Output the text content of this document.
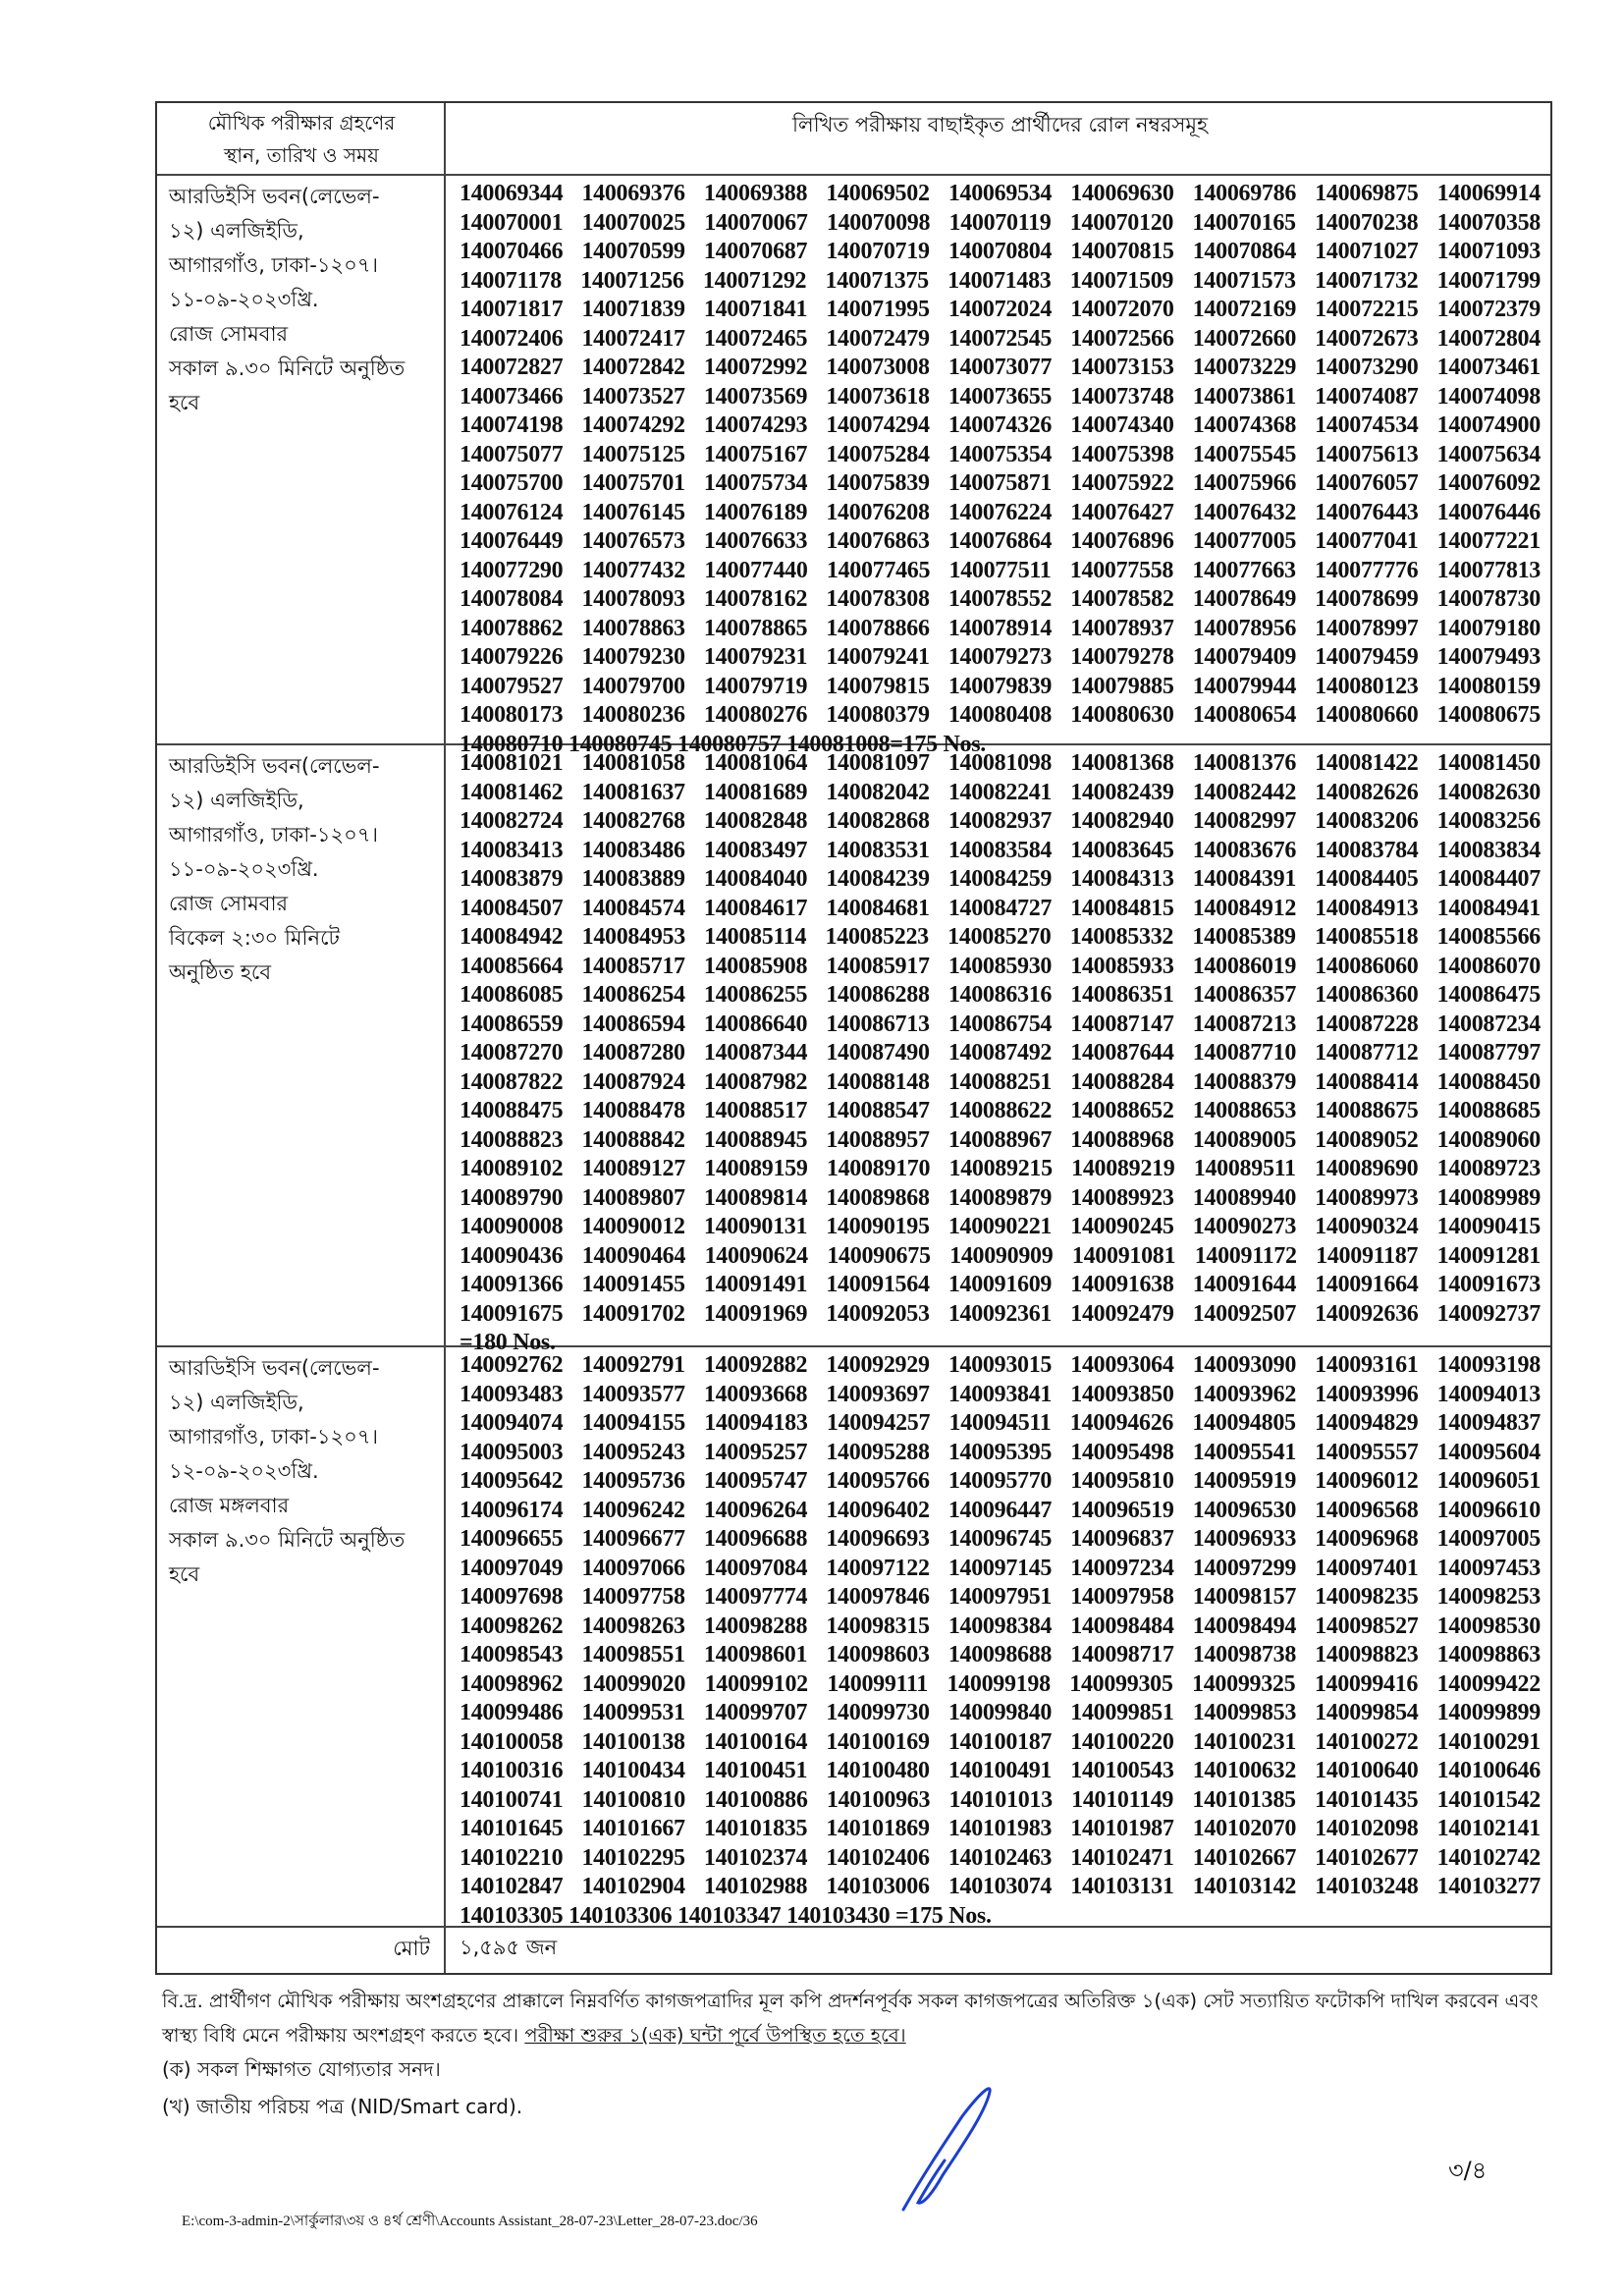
মৌখিক পরীক্ষার গ্রহণের
স্থান, তারিখ ও সময়
লিখিত পরীক্ষায় বাছাইকৃত প্রার্থীদের রোল নম্বরসমূহ
আরডিইসি ভবন(লেভেল-
১২) এলজিইডি,
আগারগাঁও, ঢাকা-১২০৭।
১১-০৯-২০২৩খ্রি.
রোজ সোমবার
সকাল ৯.৩০ মিনিটে অনুষ্ঠিত
হবে
140069344 140069376 140069388 140069502 140069534 140069630 140069786 140069875 140069914
140070001 140070025 140070067 140070098 140070119 140070120 140070165 140070238 140070358
140070466 140070599 140070687 140070719 140070804 140070815 140070864 140071027 140071093
140071178 140071256 140071292 140071375 140071483 140071509 140071573 140071732 140071799
140071817 140071839 140071841 140071995 140072024 140072070 140072169 140072215 140072379
140072406 140072417 140072465 140072479 140072545 140072566 140072660 140072673 140072804
140072827 140072842 140072992 140073008 140073077 140073153 140073229 140073290 140073461
140073466 140073527 140073569 140073618 140073655 140073748 140073861 140074087 140074098
140074198 140074292 140074293 140074294 140074326 140074340 140074368 140074534 140074900
140075077 140075125 140075167 140075284 140075354 140075398 140075545 140075613 140075634
140075700 140075701 140075734 140075839 140075871 140075922 140075966 140076057 140076092
140076124 140076145 140076189 140076208 140076224 140076427 140076432 140076443 140076446
140076449 140076573 140076633 140076863 140076864 140076896 140077005 140077041 140077221
140077290 140077432 140077440 140077465 140077511 140077558 140077663 140077776 140077813
140078084 140078093 140078162 140078308 140078552 140078582 140078649 140078699 140078730
140078862 140078863 140078865 140078866 140078914 140078937 140078956 140078997 140079180
140079226 140079230 140079231 140079241 140079273 140079278 140079409 140079459 140079493
140079527 140079700 140079719 140079815 140079839 140079885 140079944 140080123 140080159
140080173 140080236 140080276 140080379 140080408 140080630 140080654 140080660 140080675
140080710 140080745 140080757 140081008=175 Nos.
আরডিইসি ভবন(লেভেল-
১২) এলজিইডি,
আগারগাঁও, ঢাকা-১২০৭।
১১-০৯-২০২৩খ্রি.
রোজ সোমবার
বিকেল ২:৩০ মিনিটে
অনুষ্ঠিত হবে
140081021 140081058 140081064 140081097 140081098 140081368 140081376 140081422 140081450
140081462 140081637 140081689 140082042 140082241 140082439 140082442 140082626 140082630
140082724 140082768 140082848 140082868 140082937 140082940 140082997 140083206 140083256
140083413 140083486 140083497 140083531 140083584 140083645 140083676 140083784 140083834
140083879 140083889 140084040 140084239 140084259 140084313 140084391 140084405 140084407
140084507 140084574 140084617 140084681 140084727 140084815 140084912 140084913 140084941
140084942 140084953 140085114 140085223 140085270 140085332 140085389 140085518 140085566
140085664 140085717 140085908 140085917 140085930 140085933 140086019 140086060 140086070
140086085 140086254 140086255 140086288 140086316 140086351 140086357 140086360 140086475
140086559 140086594 140086640 140086713 140086754 140087147 140087213 140087228 140087234
140087270 140087280 140087344 140087490 140087492 140087644 140087710 140087712 140087797
140087822 140087924 140087982 140088148 140088251 140088284 140088379 140088414 140088450
140088475 140088478 140088517 140088547 140088622 140088652 140088653 140088675 140088685
140088823 140088842 140088945 140088957 140088967 140088968 140089005 140089052 140089060
140089102 140089127 140089159 140089170 140089215 140089219 140089511 140089690 140089723
140089790 140089807 140089814 140089868 140089879 140089923 140089940 140089973 140089989
140090008 140090012 140090131 140090195 140090221 140090245 140090273 140090324 140090415
140090436 140090464 140090624 140090675 140090909 140091081 140091172 140091187 140091281
140091366 140091455 140091491 140091564 140091609 140091638 140091644 140091664 140091673
140091675 140091702 140091969 140092053 140092361 140092479 140092507 140092636 140092737
=180 Nos.
আরডিইসি ভবন(লেভেল-
১২) এলজিইডি,
আগারগাঁও, ঢাকা-১২০৭।
১২-০৯-২০২৩খ্রি.
রোজ মঙ্গলবার
সকাল ৯.৩০ মিনিটে অনুষ্ঠিত
হবে
140092762 140092791 140092882 140092929 140093015 140093064 140093090 140093161 140093198
140093483 140093577 140093668 140093697 140093841 140093850 140093962 140093996 140094013
140094074 140094155 140094183 140094257 140094511 140094626 140094805 140094829 140094837
140095003 140095243 140095257 140095288 140095395 140095498 140095541 140095557 140095604
140095642 140095736 140095747 140095766 140095770 140095810 140095919 140096012 140096051
140096174 140096242 140096264 140096402 140096447 140096519 140096530 140096568 140096610
140096655 140096677 140096688 140096693 140096745 140096837 140096933 140096968 140097005
140097049 140097066 140097084 140097122 140097145 140097234 140097299 140097401 140097453
140097698 140097758 140097774 140097846 140097951 140097958 140098157 140098235 140098253
140098262 140098263 140098288 140098315 140098384 140098484 140098494 140098527 140098530
140098543 140098551 140098601 140098603 140098688 140098717 140098738 140098823 140098863
140098962 140099020 140099102 140099111 140099198 140099305 140099325 140099416 140099422
140099486 140099531 140099707 140099730 140099840 140099851 140099853 140099854 140099899
140100058 140100138 140100164 140100169 140100187 140100220 140100231 140100272 140100291
140100316 140100434 140100451 140100480 140100491 140100543 140100632 140100640 140100646
140100741 140100810 140100886 140100963 140101013 140101149 140101385 140101435 140101542
140101645 140101667 140101835 140101869 140101983 140101987 140102070 140102098 140102141
140102210 140102295 140102374 140102406 140102463 140102471 140102667 140102677 140102742
140102847 140102904 140102988 140103006 140103074 140103131 140103142 140103248 140103277
140103305 140103306 140103347 140103430 =175 Nos.
মোট	১,৫৯৫ জন
বি.দ্র. প্রার্থীগণ মৌখিক পরীক্ষায় অংশগ্রহণের প্রাক্কালে নিম্নবর্ণিত কাগজপত্রাদির মূল কপি প্রদর্শনপূর্বক সকল কাগজপত্রের অতিরিক্ত ১(এক) সেট সত্যায়িত ফটোকপি দাখিল করবেন এবং স্বাস্থ্য বিধি মেনে পরীক্ষায় অংশগ্রহণ করতে হবে। পরীক্ষা শুরুর ১(এক) ঘন্টা পূর্বে উপস্থিত হতে হবে।
(ক) সকল শিক্ষাগত যোগ্যতার সনদ।
(খ) জাতীয় পরিচয় পত্র (NID/Smart card).
৩/৪
E:\com-3-admin-2\সার্কুলার\৩য় ও ৪র্থ শ্রেণী\Accounts Assistant_28-07-23\Letter_28-07-23.doc/36
